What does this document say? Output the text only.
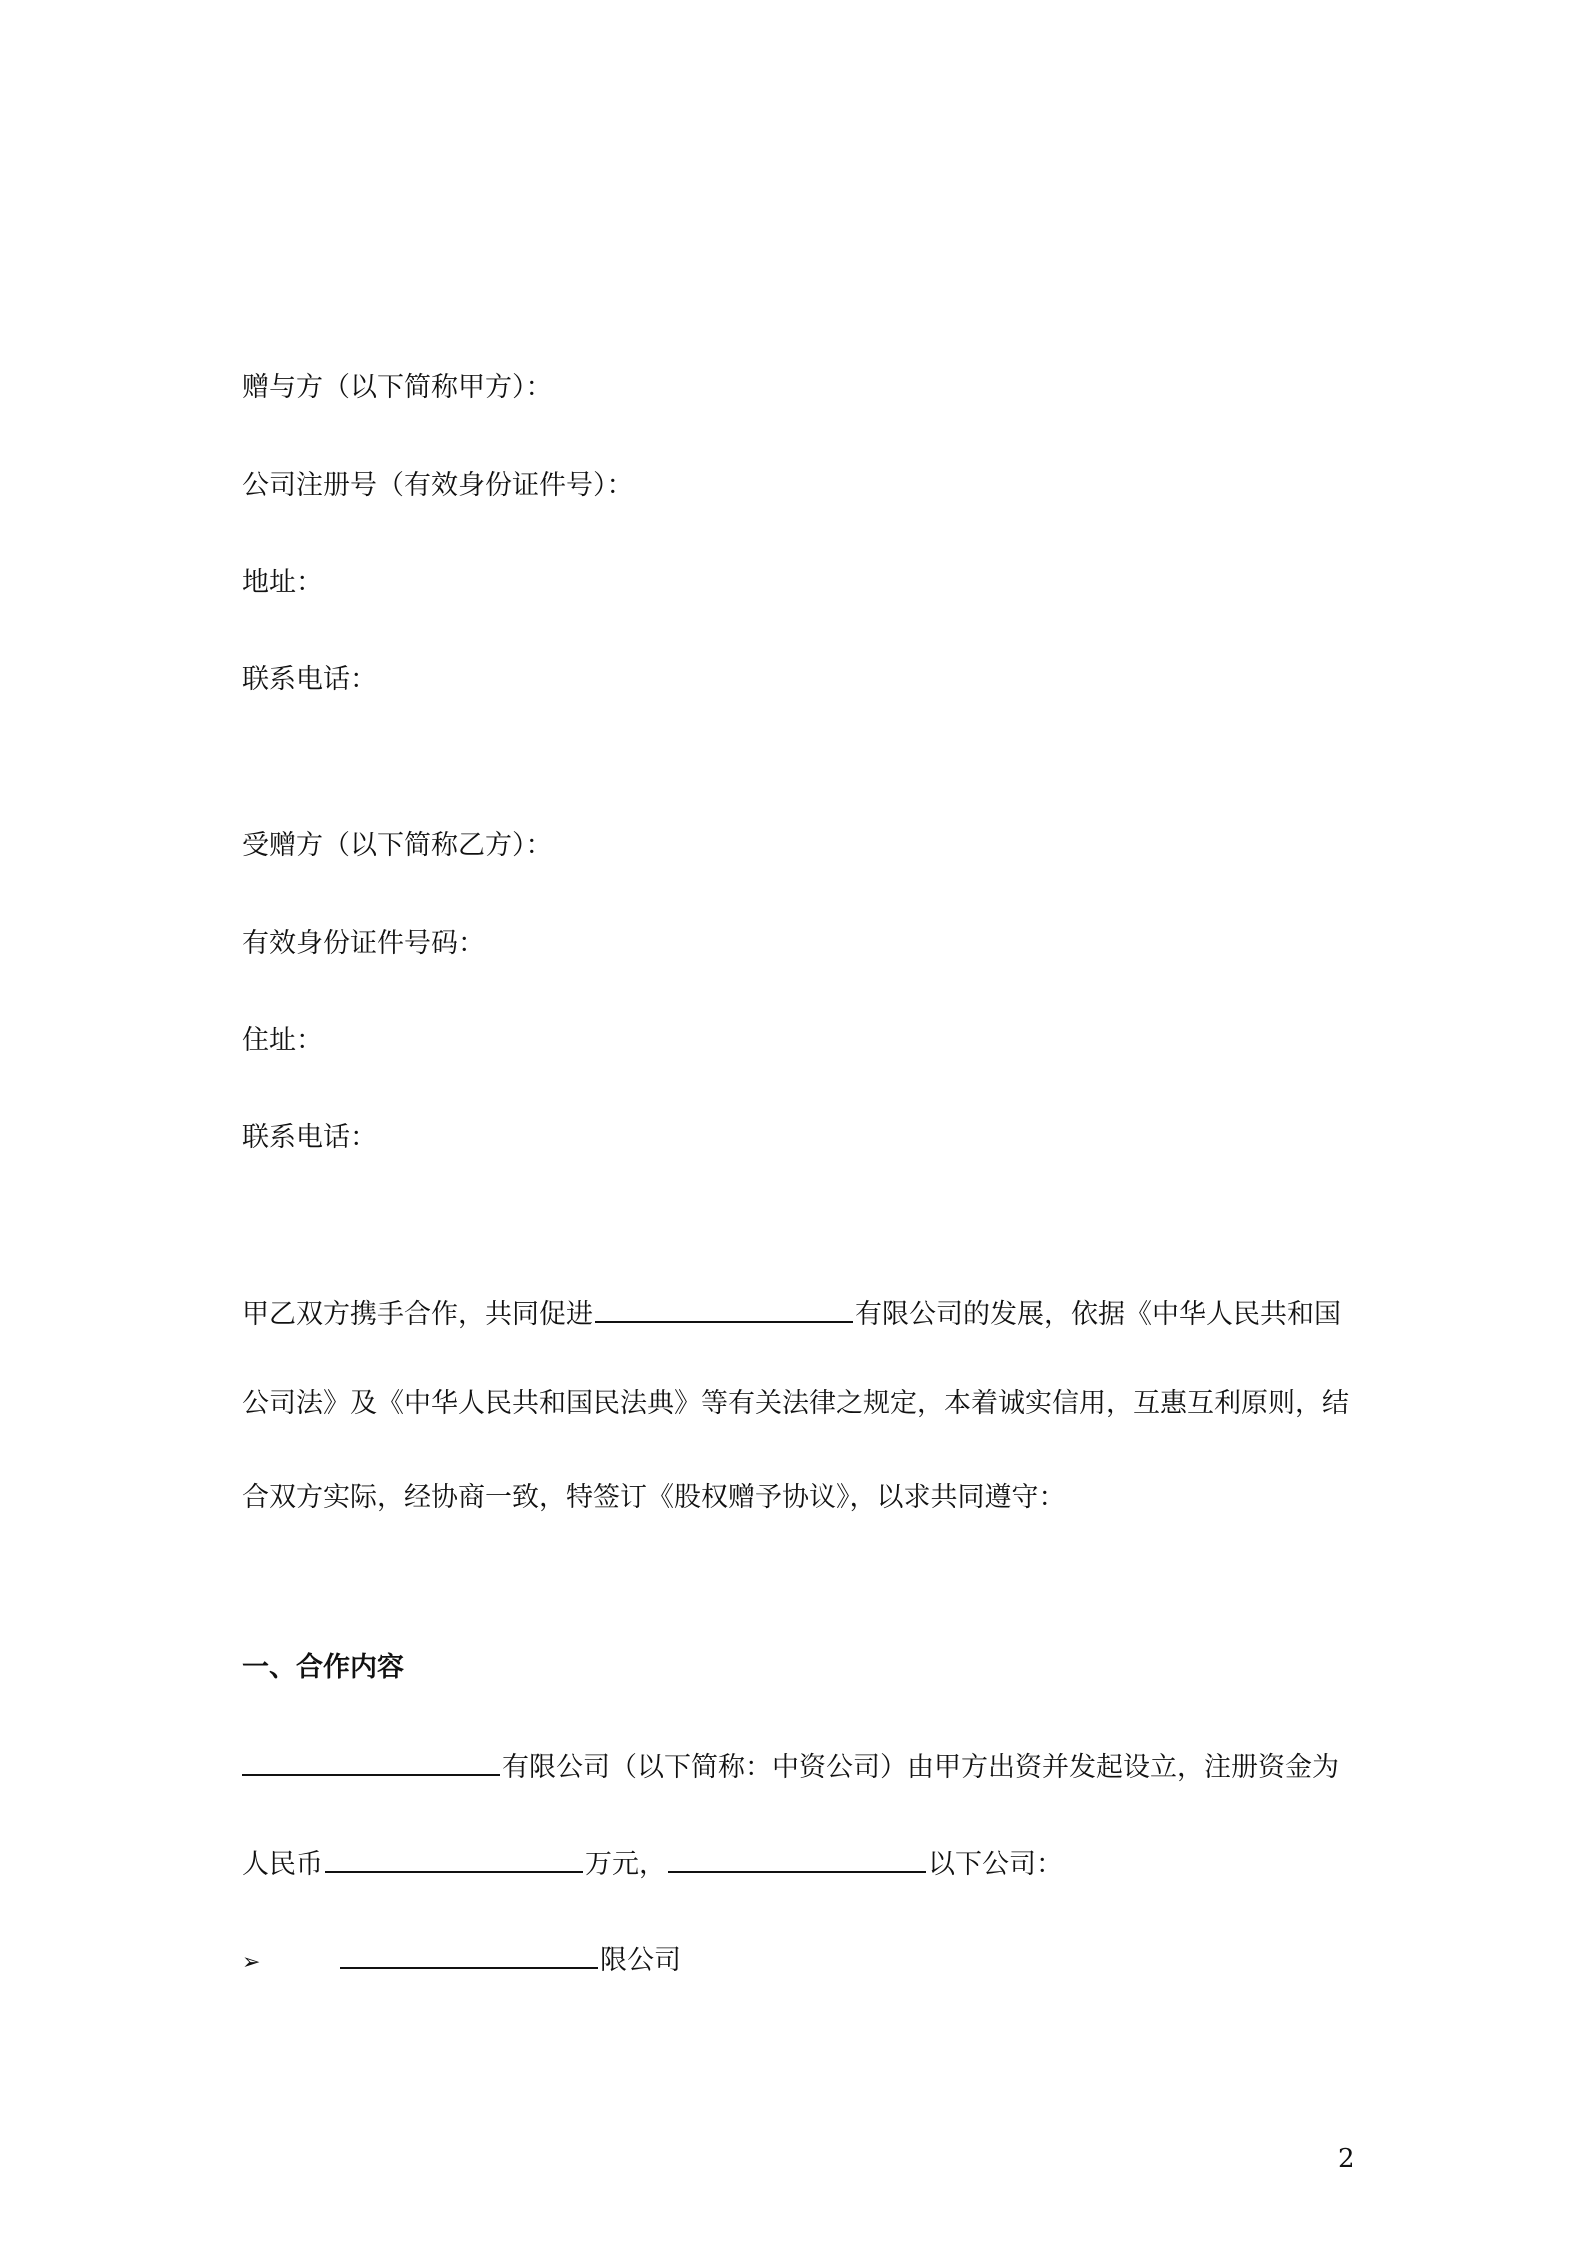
赠与方（以下简称甲方）：
公司注册号（有效身份证件号）：
地址：
联系电话：
受赠方（以下简称乙方）：
有效身份证件号码：
住址：
联系电话：
甲乙双方携手合作，共同促进	有限公司的发展，依据《中华人民共和国
公司法》及《中华人民共和国民法典》等有关法律之规定，本着诚实信用，互惠互利原则，结
合双方实际，经协商一致，特签订《股权赠予协议》，以求共同遵守：
一、合作内容
有限公司（以下简称：中资公司）由甲方出资并发起设立，注册资金为
人民币	万元，	以下公司：
➢	限公司
2
